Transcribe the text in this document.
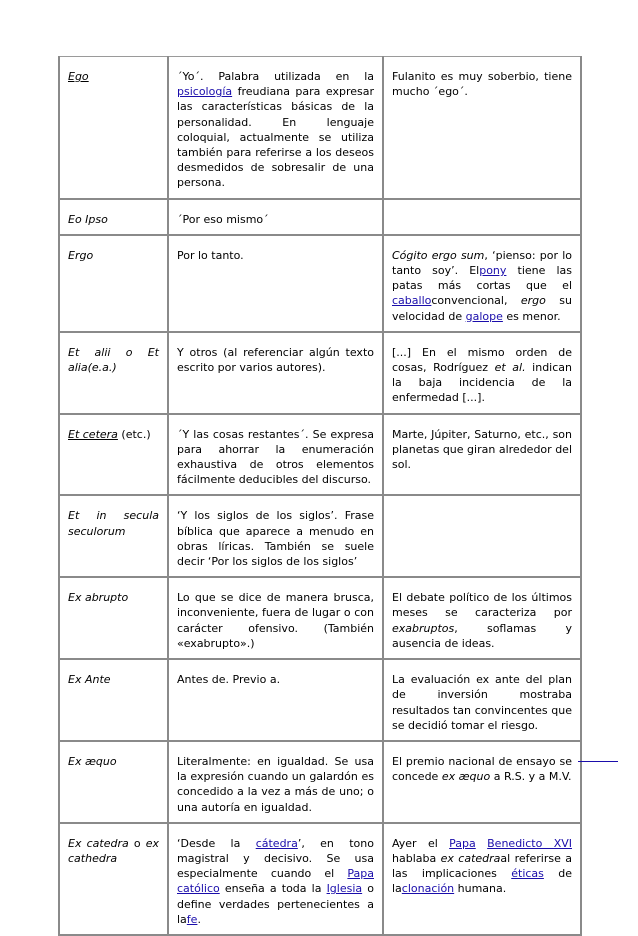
Ego	´Yo´. Palabra utilizada en la psicología freudiana para expresar las características básicas de la personalidad. En lenguaje coloquial, actualmente se utiliza también para referirse a los deseos desmedidos de sobresalir de una persona.	Fulanito es muy soberbio, tiene mucho ´ego´.
Eo Ipso	´Por eso mismo´	
Ergo	Por lo tanto.	Cógito ergo sum, ‘pienso: por lo tanto soy’. Elpony tiene las patas más cortas que el caballoconvencional, ergo su velocidad de galope es menor.
Et alii o Et alia(e.a.)	Y otros (al referenciar algún texto escrito por varios autores).	[...] En el mismo orden de cosas, Rodríguez et al. indican la baja incidencia de la enfermedad [...].
Et cetera (etc.)	´Y las cosas restantes´. Se expresa para ahorrar la enumeración exhaustiva de otros elementos fácilmente deducibles del discurso.	Marte, Júpiter, Saturno, etc., son planetas que giran alrededor del sol.
Et in secula seculorum	‘Y los siglos de los siglos’. Frase bíblica que aparece a menudo en obras líricas. También se suele decir ‘Por los siglos de los siglos’	
Ex abrupto	Lo que se dice de manera brusca, inconveniente, fuera de lugar o con carácter ofensivo. (También «exabrupto».)	El debate político de los últimos meses se caracteriza por exabruptos, soflamas y ausencia de ideas.
Ex Ante	Antes de. Previo a.	La evaluación ex ante del plan de inversión mostraba resultados tan convincentes que se decidió tomar el riesgo.
Ex æquo	Literalmente: en igualdad. Se usa la expresión cuando un galardón es concedido a la vez a más de uno; o una autoría en igualdad.	El premio nacional de ensayo se concede ex æquo a R.S. y a M.V.
Ex catedra o ex cathedra	‘Desde la cátedra’, en tono magistral y decisivo. Se usa especialmente cuando el Papa católico enseña a toda la Iglesia o define verdades pertenecientes a lafe.	Ayer el Papa Benedicto XVI hablaba ex catedraal referirse a las implicaciones éticas de laclonación humana.
